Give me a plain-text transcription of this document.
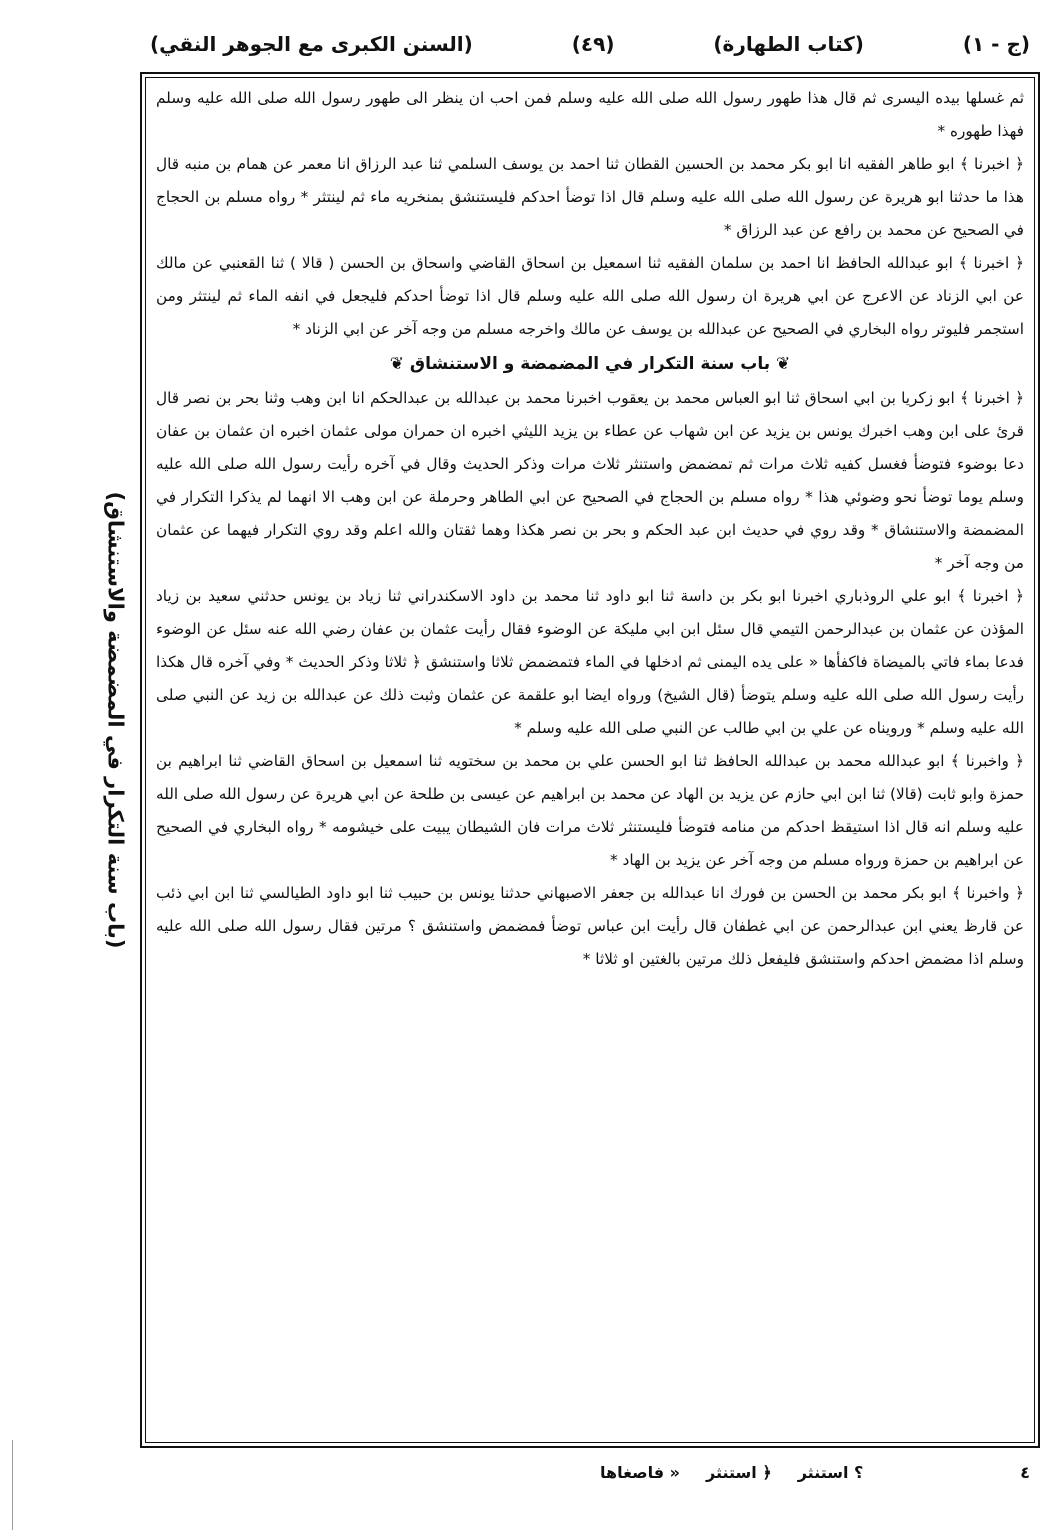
(السنن الكبرى مع الجوهر النقي)	(٤٩)	(كتاب الطهارة)	(ج - ١)
(باب سنة التكرار في المضمضة والاستنشاق)

ثم غسلها بيده اليسرى ثم قال هذا طهور رسول الله صلى الله عليه وسلم فمن احب ان ينظر الى طهور رسول الله صلى الله عليه وسلم فهذا طهوره *

﴿ اخبرنا ﴾ ابو طاهر الفقيه انا ابو بكر محمد بن الحسين القطان ثنا احمد بن يوسف السلمي ثنا عبد الرزاق انا معمر عن همام بن منبه قال هذا ما حدثنا ابو هريرة عن رسول الله صلى الله عليه وسلم قال اذا توضأ احدكم فليستنشق بمنخريه ماء ثم لينتثر * رواه مسلم بن الحجاج في الصحيح عن محمد بن رافع عن عبد الرزاق *

﴿ اخبرنا ﴾ ابو عبدالله الحافظ انا احمد بن سلمان الفقيه ثنا اسمعيل بن اسحاق القاضي واسحاق بن الحسن ( قالا ) ثنا القعنبي عن مالك عن ابي الزناد عن الاعرج عن ابي هريرة ان رسول الله صلى الله عليه وسلم قال اذا توضأ احدكم فليجعل في انفه الماء ثم لينتثر ومن استجمر فليوتر رواه البخاري في الصحيح عن عبدالله بن يوسف عن مالك واخرجه مسلم من وجه آخر عن ابي الزناد *

❦ باب سنة التكرار في المضمضة و الاستنشاق ❦

﴿ اخبرنا ﴾ ابو زكريا بن ابي اسحاق ثنا ابو العباس محمد بن يعقوب اخبرنا محمد بن عبدالله بن عبدالحكم انا ابن وهب وثنا بحر بن نصر قال قرئ على ابن وهب اخبرك يونس بن يزيد عن ابن شهاب عن عطاء بن يزيد الليثي اخبره ان حمران مولى عثمان اخبره ان عثمان بن عفان دعا بوضوء فتوضأ فغسل كفيه ثلاث مرات ثم تمضمض واستنثر ثلاث مرات وذكر الحديث وقال في آخره رأيت رسول الله صلى الله عليه وسلم يوما توضأ نحو وضوئي هذا * رواه مسلم بن الحجاج في الصحيح عن ابي الطاهر وحرملة عن ابن وهب الا انهما لم يذكرا التكرار في المضمضة والاستنشاق * وقد روي في حديث ابن عبد الحكم و بحر بن نصر هكذا وهما ثقتان والله اعلم وقد روي التكرار فيهما عن عثمان من وجه آخر *

﴿ اخبرنا ﴾ ابو علي الروذباري اخبرنا ابو بكر بن داسة ثنا ابو داود ثنا محمد بن داود الاسكندراني ثنا زياد بن يونس حدثني سعيد بن زياد المؤذن عن عثمان بن عبدالرحمن التيمي قال سئل ابن ابي مليكة عن الوضوء فقال رأيت عثمان بن عفان رضي الله عنه سئل عن الوضوء فدعا بماء فاتي بالميضاة فاكفأها « على يده اليمنى ثم ادخلها في الماء فتمضمض ثلاثا واستنشق ﴿ ثلاثا وذكر الحديث * وفي آخره قال هكذا رأيت رسول الله صلى الله عليه وسلم يتوضأ (قال الشيخ) ورواه ايضا ابو علقمة عن عثمان وثبت ذلك عن عبدالله بن زيد عن النبي صلى الله عليه وسلم * ورويناه عن علي بن ابي طالب عن النبي صلى الله عليه وسلم *

﴿ واخبرنا ﴾ ابو عبدالله محمد بن عبدالله الحافظ ثنا ابو الحسن علي بن محمد بن سختويه ثنا اسمعيل بن اسحاق القاضي ثنا ابراهيم بن حمزة وابو ثابت (قالا) ثنا ابن ابي حازم عن يزيد بن الهاد عن محمد بن ابراهيم عن عيسى بن طلحة عن ابي هريرة عن رسول الله صلى الله عليه وسلم انه قال اذا استيقظ احدكم من منامه فتوضأ فليستنثر ثلاث مرات فان الشيطان يبيت على خيشومه * رواه البخاري في الصحيح عن ابراهيم بن حمزة ورواه مسلم من وجه آخر عن يزيد بن الهاد *

﴿ واخبرنا ﴾ ابو بكر محمد بن الحسن بن فورك انا عبدالله بن جعفر الاصبهاني حدثنا يونس بن حبيب ثنا ابو داود الطيالسي ثنا ابن ابي ذئب عن قارظ يعني ابن عبدالرحمن عن ابي غطفان قال رأيت ابن عباس توضأ فمضمض واستنشق ؟ مرتين فقال رسول الله صلى الله عليه وسلم اذا مضمض احدكم واستنشق فليفعل ذلك مرتين بالغتين او ثلاثا *

« فاصغاها ﴿ استنثر ؟ استنثر	٤
